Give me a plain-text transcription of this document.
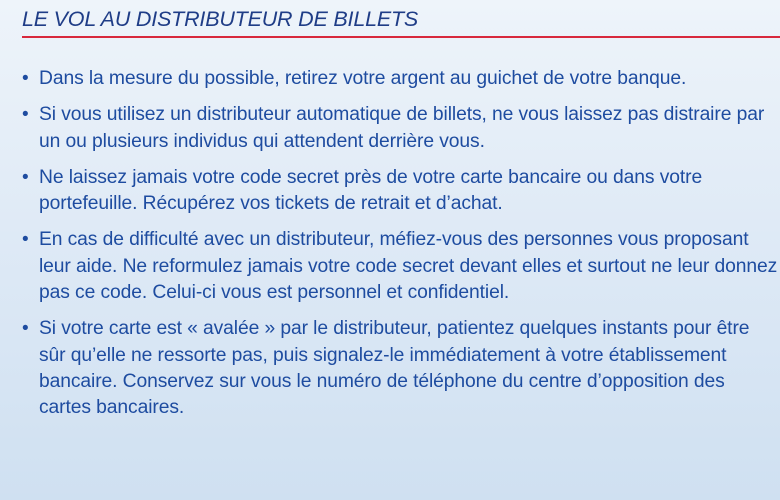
LE VOL AU DISTRIBUTEUR DE BILLETS
• Dans la mesure du possible, retirez votre argent au guichet de votre banque.
• Si vous utilisez un distributeur automatique de billets, ne vous laissez pas distraire par un ou plusieurs individus qui attendent derrière vous.
• Ne laissez jamais votre code secret près de votre carte bancaire ou dans votre portefeuille. Récupérez vos tickets de retrait et d’achat.
• En cas de difficulté avec un distributeur, méfiez-vous des personnes vous proposant leur aide. Ne reformulez jamais votre code secret devant elles et surtout ne leur donnez pas ce code. Celui-ci vous est personnel et confidentiel.
• Si votre carte est « avalée » par le distributeur, patientez quelques instants pour être sûr qu’elle ne ressorte pas, puis signalez-le immédiatement à votre établissement bancaire. Conservez sur vous le numéro de téléphone du centre d’opposition des cartes bancaires.
